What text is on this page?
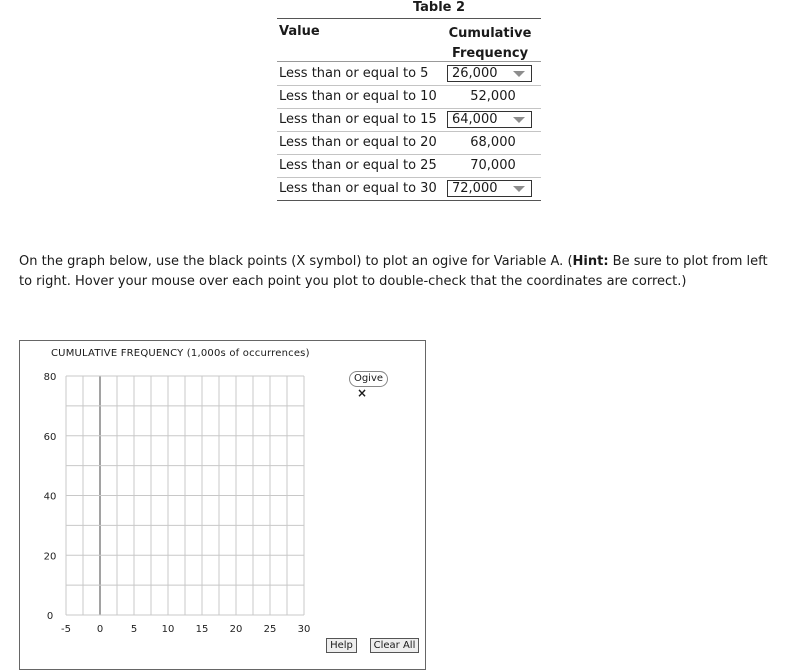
Table 2
Value	Cumulative
Frequency
Less than or equal to 5 26,000
Less than or equal to 10	52,000
Less than or equal to 15 64,000
Less than or equal to 20	68,000
Less than or equal to 25	70,000
Less than or equal to 30 72,000
On the graph below, use the black points (X symbol) to plot an ogive for Variable A. (Hint: Be sure to plot from left to right. Hover your mouse over each point you plot to double-check that the coordinates are correct.)
CUMULATIVE FREQUENCY (1,000s of occurrences)
-5	0	5 10 15 20 25 30
0
20
40
60
80	Ogive
×
Help	Clear All
